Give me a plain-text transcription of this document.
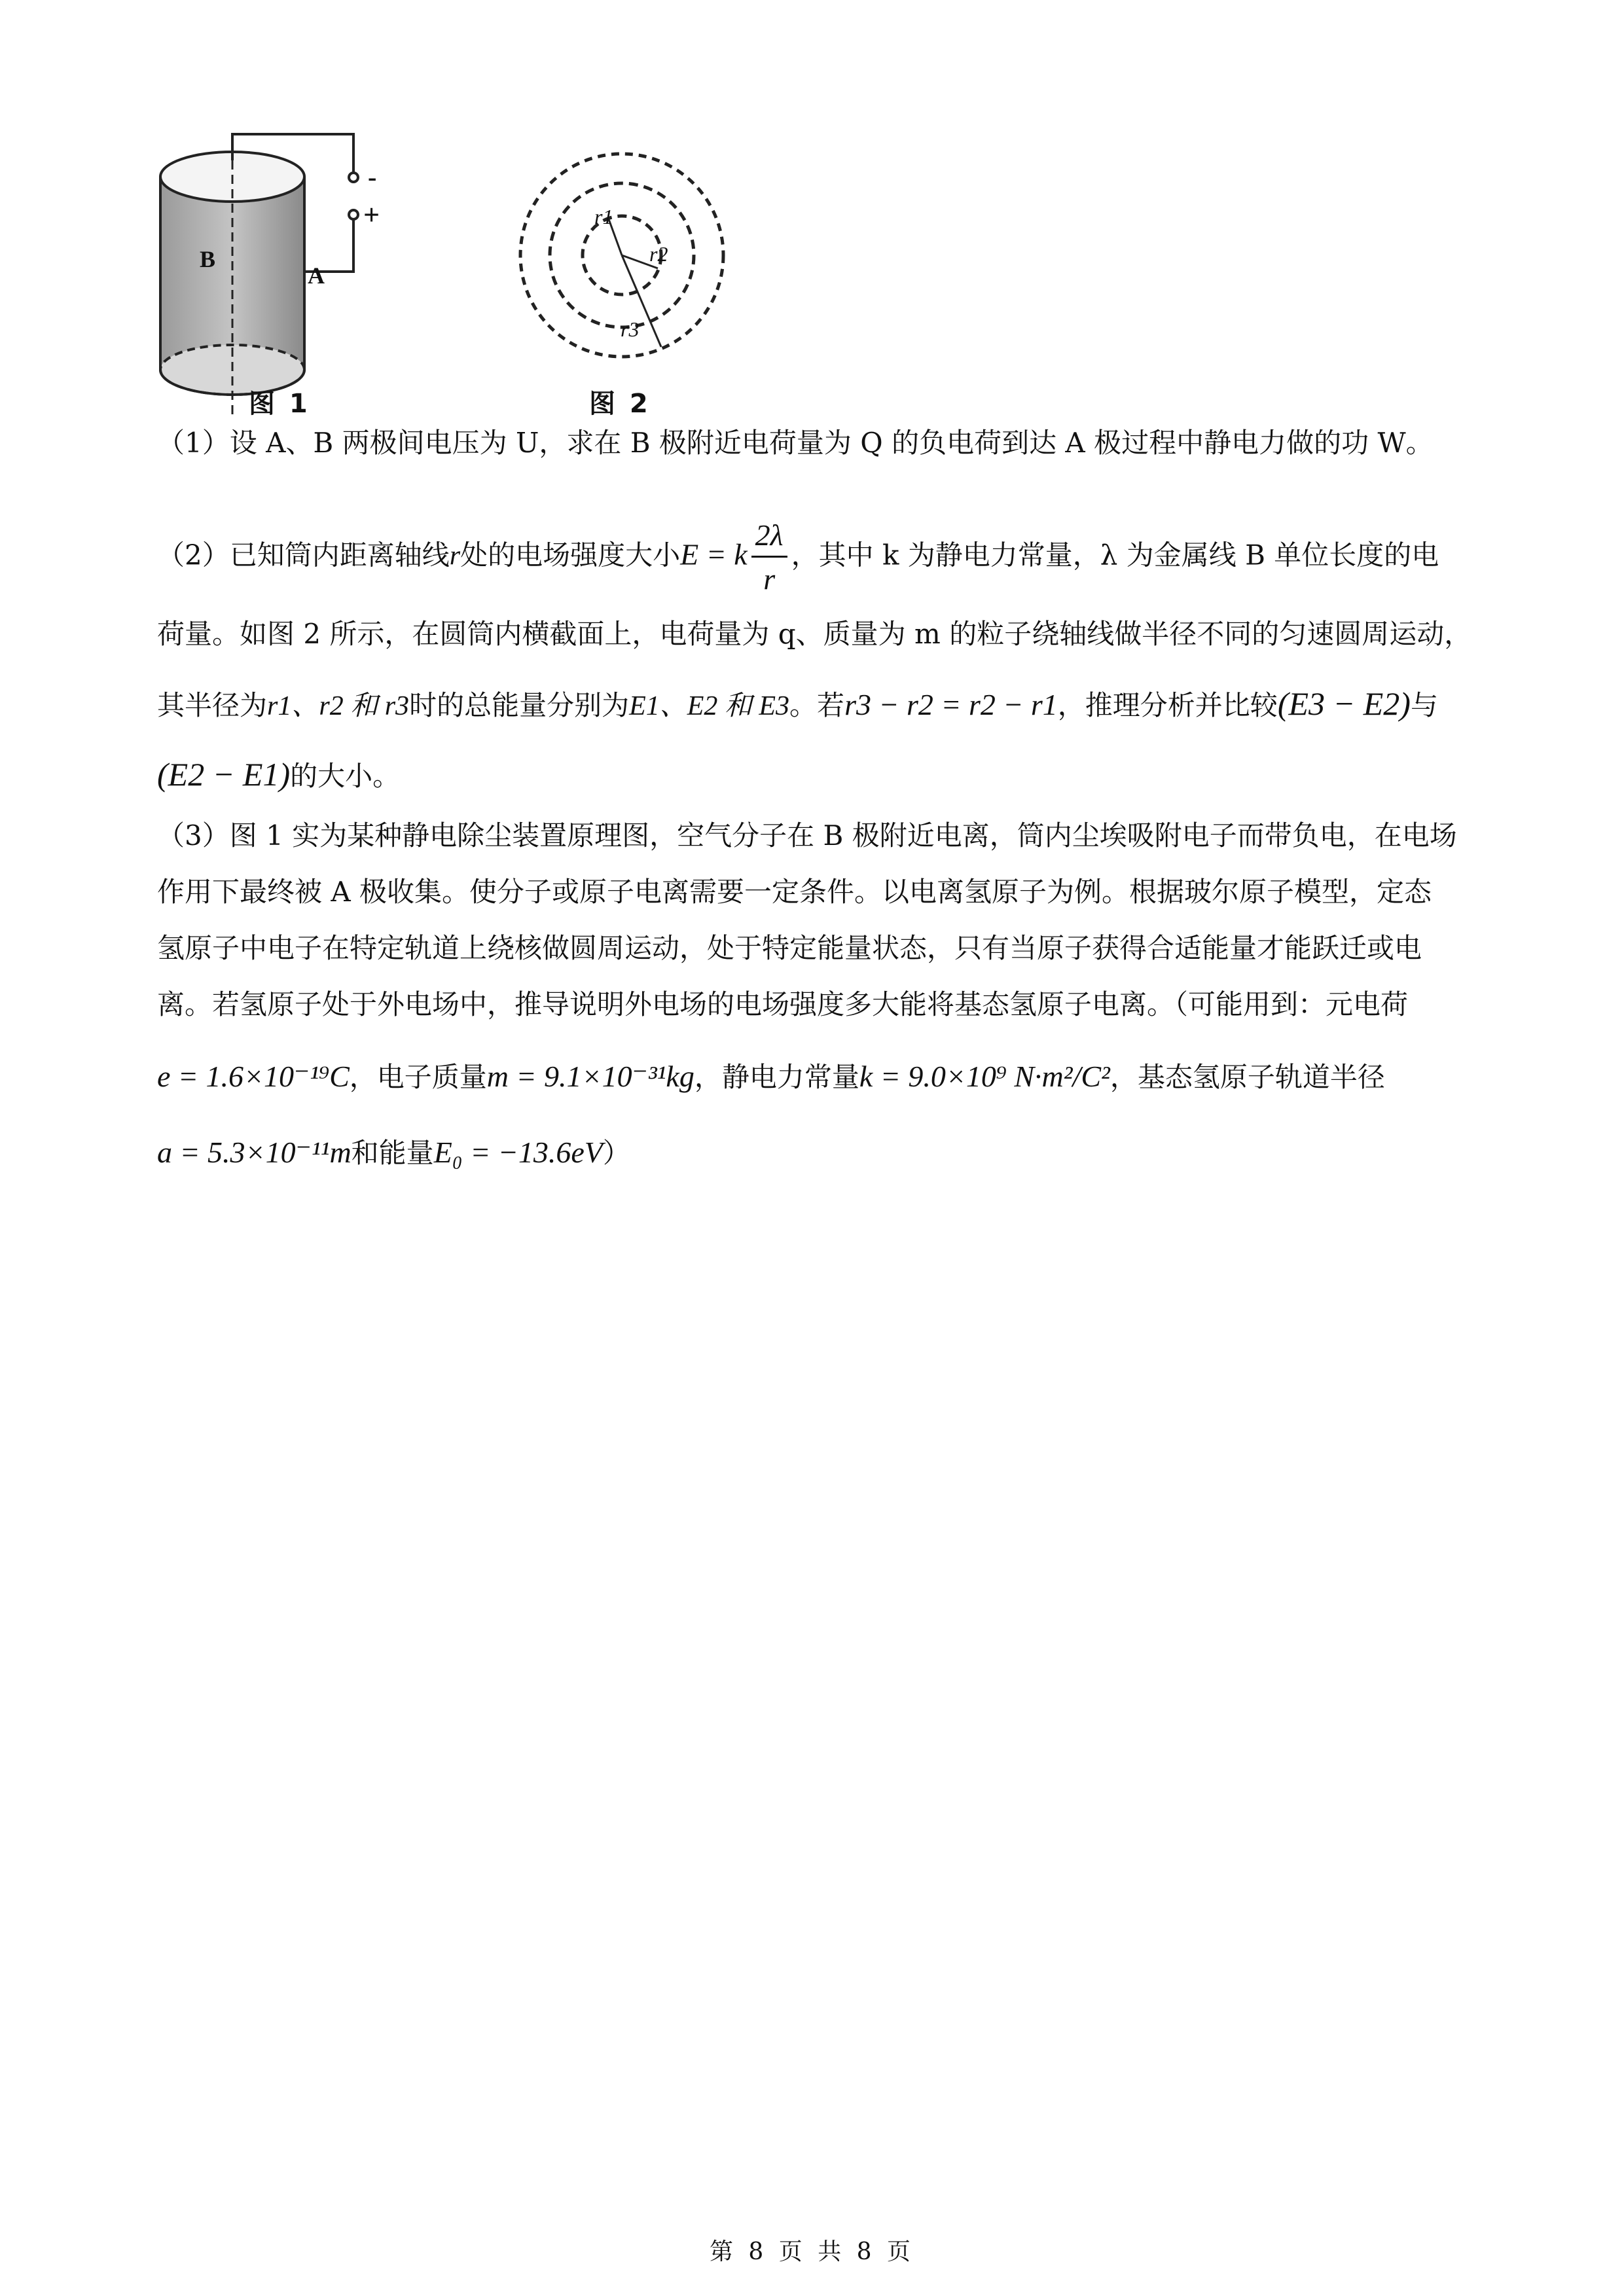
B
A
-
+
图 1
r1
r2
r3
图 2
（1）设 A、B 两极间电压为 U，求在 B 极附近电荷量为 Q 的负电荷到达 A 极过程中静电力做的功 W。
（2）已知筒内距离轴线r处的电场强度大小E = k $\frac{2\lambda}{r}$ ，其中 k 为静电力常量，λ 为金属线 B 单位长度的电
荷量。如图 2 所示，在圆筒内横截面上，电荷量为 q、质量为 m 的粒子绕轴线做半径不同的匀速圆周运动，
其半径为r1、r2 和 r3时的总能量分别为E1、E2 和 E3。若r3 − r2 = r2 − r1，推理分析并比较(E3 − E2)与
(E2 − E1)的大小。
（3）图 1 实为某种静电除尘装置原理图，空气分子在 B 极附近电离，筒内尘埃吸附电子而带负电，在电场
作用下最终被 A 极收集。使分子或原子电离需要一定条件。以电离氢原子为例。根据玻尔原子模型，定态
氢原子中电子在特定轨道上绕核做圆周运动，处于特定能量状态，只有当原子获得合适能量才能跃迁或电
离。若氢原子处于外电场中，推导说明外电场的电场强度多大能将基态氢原子电离。（可能用到：元电荷
e = 1.6×10⁻¹⁹C，电子质量m = 9.1×10⁻³¹kg，静电力常量k = 9.0×10⁹ N·m²/C²，基态氢原子轨道半径
a = 5.3×10⁻¹¹m和能量E₀ = −13.6eV）
第 8 页 共 8 页
